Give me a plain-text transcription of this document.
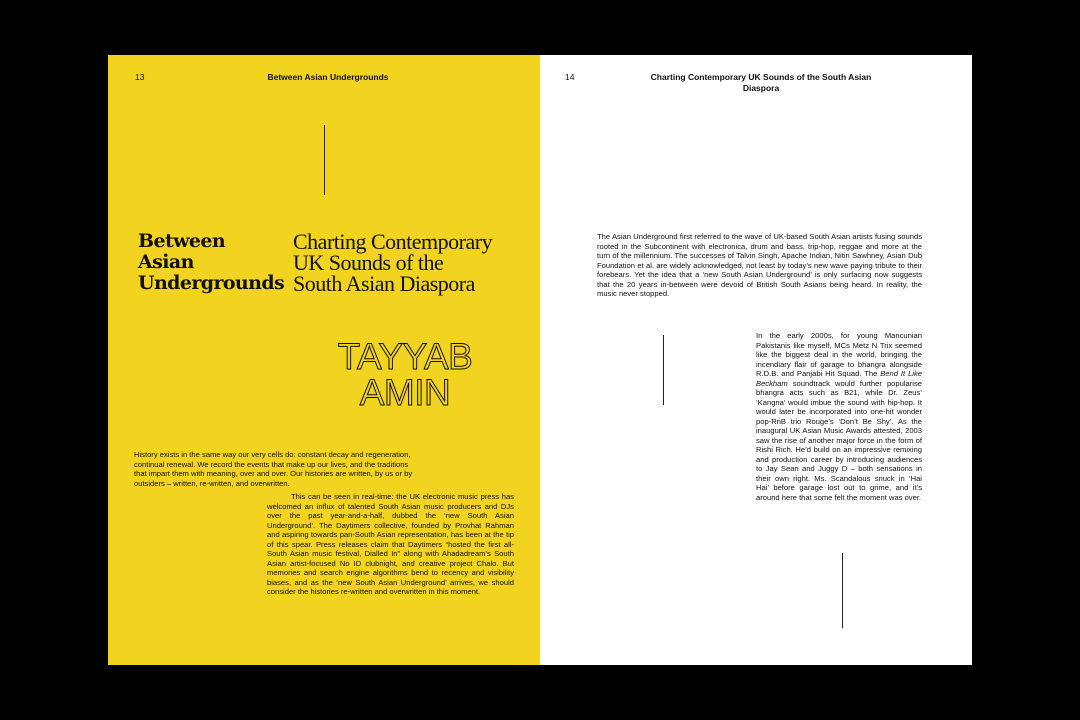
13	Between Asian Undergrounds
Between
Asian
Undergrounds
Charting Contemporary
UK Sounds of the
South Asian Diaspora
TAYYAB
AMIN
History exists in the same way our very cells do: constant decay and regeneration, continual renewal. We record the events that make up our lives, and the traditions that impart them with meaning, over and over. Our histories are written, by us or by outsiders – written, re-written, and overwritten.
This can be seen in real-time: the UK electronic music press has welcomed an influx of talented South Asian music producers and DJs over the past year-and-a-half, dubbed the ‘new South Asian Underground’. The Daytimers collective, founded by Provhat Rahman and aspiring towards pan-South Asian representation, has been at the tip of this spear. Press releases claim that Daytimers “hosted the first all-South Asian music festival, Dialled In” along with Ahadadream’s South Asian artist-focused No ID clubnight, and creative project Chalo. But memories and search engine algorithms bend to recency and visibility biases, and as the ‘new South Asian Underground’ arrives, we should consider the histories re-written and overwritten in this moment.
14	Charting Contemporary UK Sounds of the South Asian Diaspora
The Asian Underground first referred to the wave of UK-based South Asian artists fusing sounds rooted in the Subcontinent with electronica, drum and bass, trip-hop, reggae and more at the turn of the millennium. The successes of Talvin Singh, Apache Indian, Nitin Sawhney, Asian Dub Foundation et al. are widely acknowledged, not least by today’s new wave paying tribute to their forebears. Yet the idea that a ‘new South Asian Underground’ is only surfacing now suggests that the 20 years in-between were devoid of British South Asians being heard. In reality, the music never stopped.
In the early 2000s, for young Mancunian Pakistanis like myself, MCs Metz N Trix seemed like the biggest deal in the world, bringing the incendiary flair of garage to bhangra alongside R.D.B. and Panjabi Hit Squad. The Bend It Like Beckham soundtrack would further popularise bhangra acts such as B21, while Dr. Zeus’ ‘Kangna’ would imbue the sound with hip-hop. It would later be incorporated into one-hit wonder pop-RnB trio Rouge’s ‘Don’t Be Shy’. As the inaugural UK Asian Music Awards attested, 2003 saw the rise of another major force in the form of Rishi Rich. He’d build on an impressive remixing and production career by introducing audiences to Jay Sean and Juggy D – both sensations in their own right. Ms. Scandalous snuck in ‘Hai Hai’ before garage lost out to grime, and it’s around here that some felt the moment was over.
